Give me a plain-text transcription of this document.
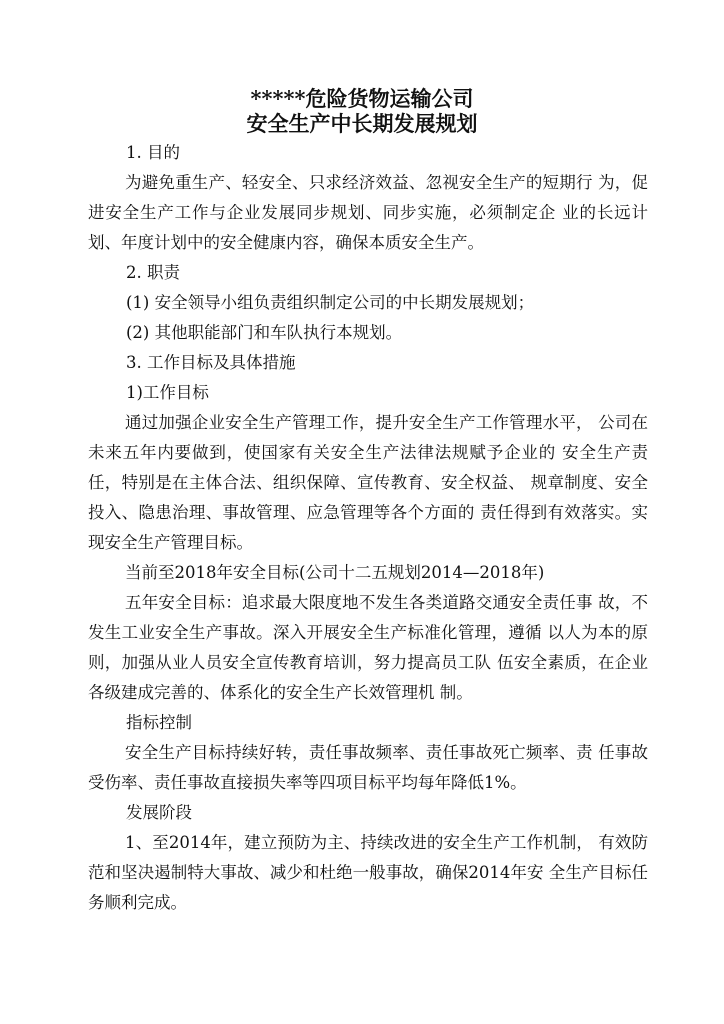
*****危险货物运输公司
安全生产中长期发展规划

1. 目的

为避免重生产、轻安全、只求经济效益、忽视安全生产的短期行 为，促进安全生产工作与企业发展同步规划、同步实施，必须制定企 业的长远计划、年度计划中的安全健康内容，确保本质安全生产。

2. 职责

(1) 安全领导小组负责组织制定公司的中长期发展规划；

(2) 其他职能部门和车队执行本规划。

3. 工作目标及具体措施

1)工作目标

通过加强企业安全生产管理工作，提升安全生产工作管理水平， 公司在未来五年内要做到，使国家有关安全生产法律法规赋予企业的 安全生产责任，特别是在主体合法、组织保障、宣传教育、安全权益、 规章制度、安全投入、隐患治理、事故管理、应急管理等各个方面的 责任得到有效落实。实现安全生产管理目标。

当前至2018年安全目标(公司十二五规划2014—2018年)

五年安全目标：追求最大限度地不发生各类道路交通安全责任事 故，不发生工业安全生产事故。深入开展安全生产标准化管理，遵循 以人为本的原则，加强从业人员安全宣传教育培训，努力提高员工队 伍安全素质，在企业各级建成完善的、体系化的安全生产长效管理机 制。

指标控制

安全生产目标持续好转，责任事故频率、责任事故死亡频率、责 任事故受伤率、责任事故直接损失率等四项目标平均每年降低1%。

发展阶段

1、至2014年，建立预防为主、持续改进的安全生产工作机制， 有效防范和坚决遏制特大事故、减少和杜绝一般事故，确保2014年安 全生产目标任务顺利完成。
